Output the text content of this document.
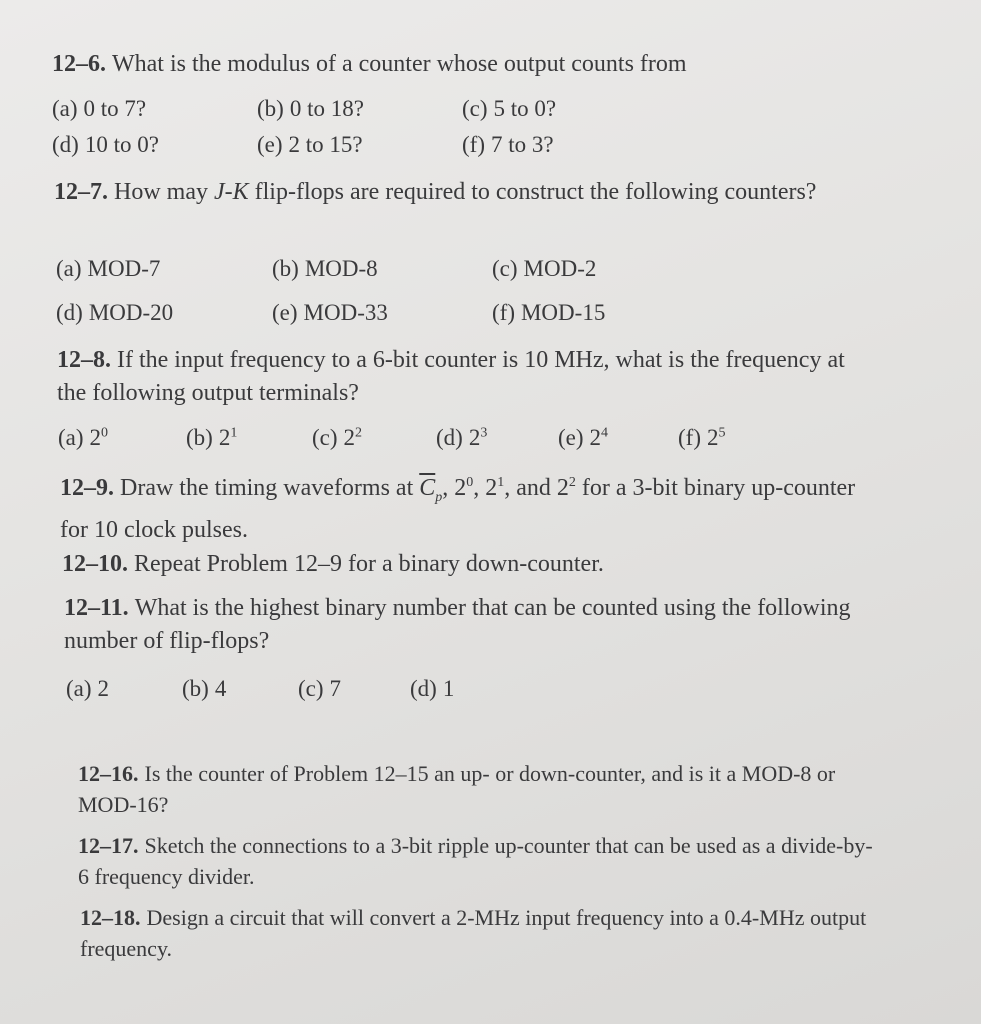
12–6. What is the modulus of a counter whose output counts from
(a) 0 to 7?	(b) 0 to 18?	(c) 5 to 0?
(d) 10 to 0?	(e) 2 to 15?	(f) 7 to 3?
12–7. How may J-K flip-flops are required to construct the following counters?
(a) MOD-7	(b) MOD-8	(c) MOD-2
(d) MOD-20	(e) MOD-33	(f) MOD-15
12–8. If the input frequency to a 6-bit counter is 10 MHz, what is the frequency at the following output terminals?
(a) $2^0$	(b) $2^1$	(c) $2^2$	(d) $2^3$	(e) $2^4$	(f) $2^5$
12–9. Draw the timing waveforms at $\overline{C}_p$, $2^0$, $2^1$, and $2^2$ for a 3-bit binary up-counter for 10 clock pulses.
12–10. Repeat Problem 12–9 for a binary down-counter.
12–11. What is the highest binary number that can be counted using the following number of flip-flops?
(a) 2	(b) 4	(c) 7	(d) 1
12–16. Is the counter of Problem 12–15 an up- or down-counter, and is it a MOD-8 or MOD-16?
12–17. Sketch the connections to a 3-bit ripple up-counter that can be used as a divide-by-6 frequency divider.
12–18. Design a circuit that will convert a 2-MHz input frequency into a 0.4-MHz output frequency.
